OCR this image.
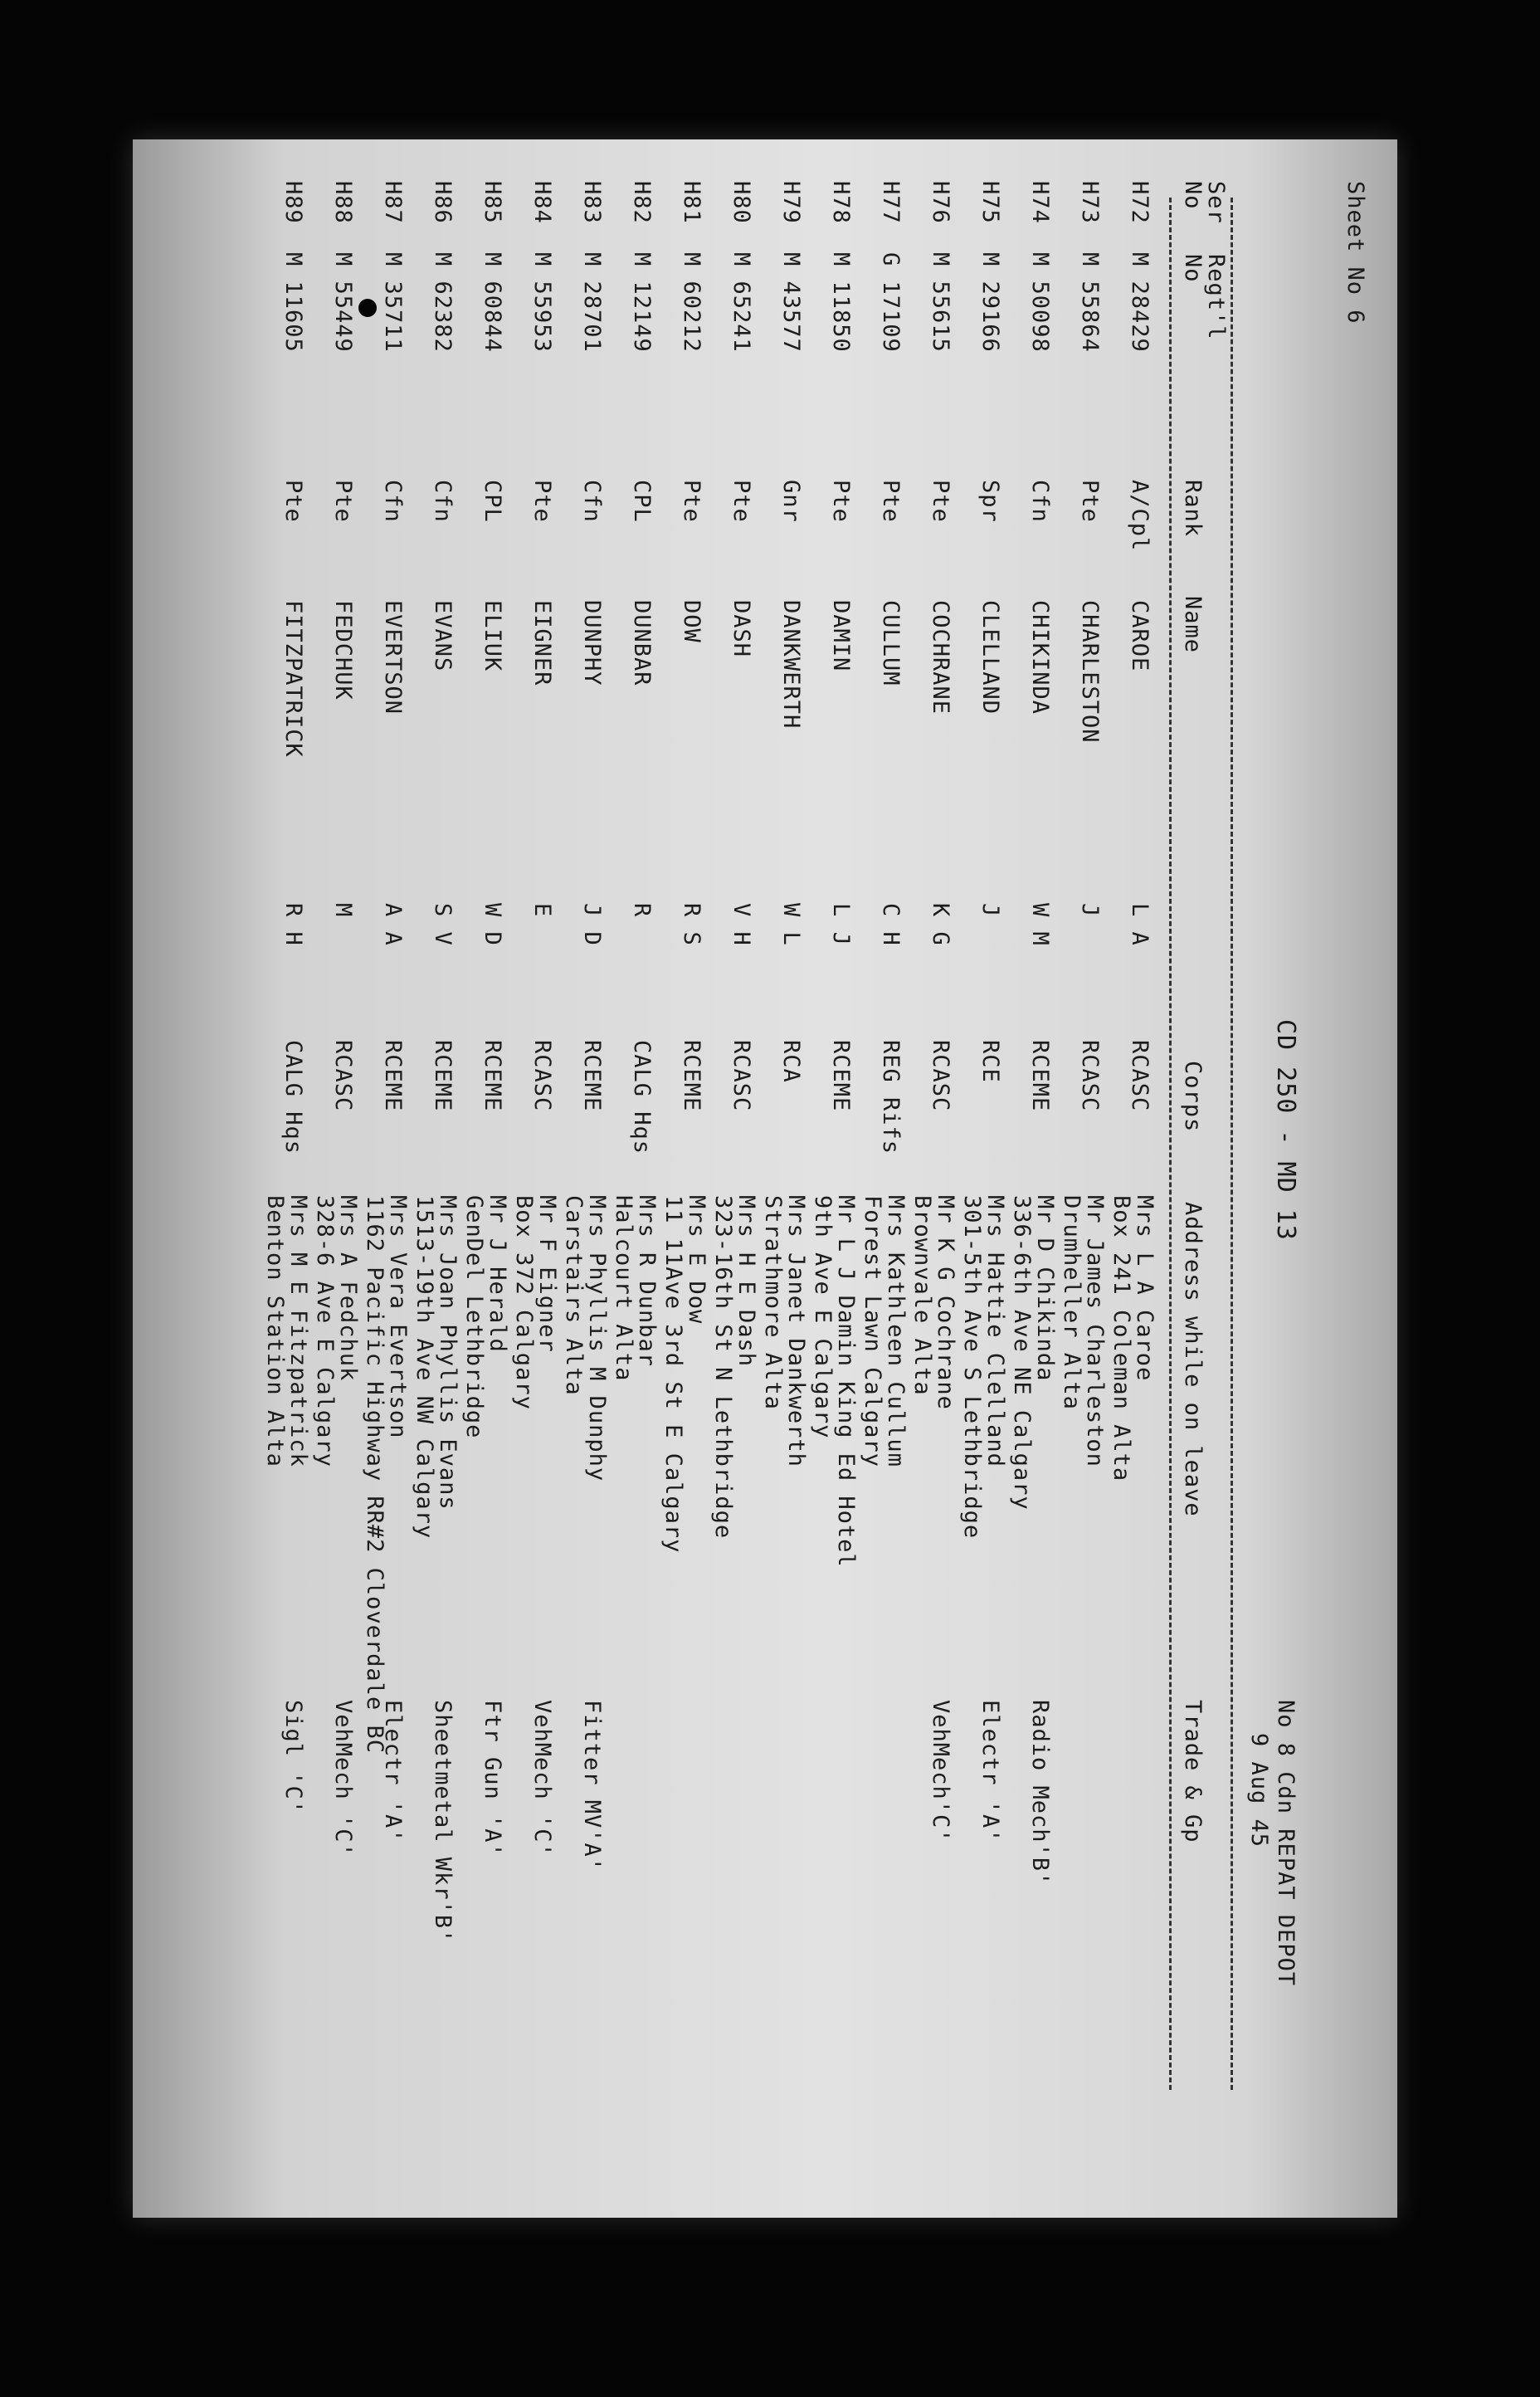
Sheet No 6
CD 250 - MD 13
No 8 Cdn REPAT DEPOT
9 Aug 45
Ser
No
Regt'l
No
Rank
Name
Corps
Address while on leave
Trade & Gp
H72
M 28429
A/Cpl
CAROE
L A
RCASC
Mrs L A Caroe
Box 241 Coleman Alta
H73
M 55864
Pte
CHARLESTON
J
RCASC
Mr James Charleston
Drumheller Alta
H74
M 50098
Cfn
CHIKINDA
W M
RCEME
Radio Mech'B'
Mr D Chikinda
336-6th Ave NE Calgary
H75
M 29166
Spr
CLELLAND
J
RCE
Electr 'A'
Mrs Hattie Clelland
301-5th Ave S Lethbridge
H76
M 55615
Pte
COCHRANE
K G
RCASC
VehMech'C'
Mr K G Cochrane
Brownvale Alta
H77
G 17109
Pte
CULLUM
C H
REG Rifs
Mrs Kathleen Cullum
Forest Lawn Calgary
H78
M 11850
Pte
DAMIN
L J
RCEME
Mr L J Damin King Ed Hotel
9th Ave E Calgary
H79
M 43577
Gnr
DANKWERTH
W L
RCA
Mrs Janet Dankwerth
Strathmore Alta
H80
M 65241
Pte
DASH
V H
RCASC
Mrs H E Dash
323-16th St N Lethbridge
H81
M 60212
Pte
DOW
R S
RCEME
Mrs E Dow
11 11Ave 3rd St E Calgary
H82
M 12149
CPL
DUNBAR
R
CALG Hqs
Mrs R Dunbar
Halcourt Alta
H83
M 28701
Cfn
DUNPHY
J D
RCEME
Fitter MV'A'
Mrs Phyllis M Dunphy
Carstairs Alta
H84
M 55953
Pte
EIGNER
E
RCASC
VehMech 'C'
Mr F Eigner
Box 372 Calgary
H85
M 60844
CPL
ELIUK
W D
RCEME
Ftr Gun 'A'
Mr J Herald
GenDel Lethbridge
H86
M 62382
Cfn
EVANS
S V
RCEME
Sheetmetal Wkr'B'
Mrs Joan Phyllis Evans
1513-19th Ave NW Calgary
H87
M 35711
Cfn
EVERTSON
A A
RCEME
Electr 'A'
Mrs Vera Evertson
1162 Pacific Highway RR#2 Cloverdale BC
H88
M 55449
Pte
FEDCHUK
M
RCASC
VehMech 'C'
Mrs A Fedchuk
328-6 Ave E Calgary
H89
M 11605
Pte
FITZPATRICK
R H
CALG Hqs
Sigl 'C'
Mrs M E Fitzpatrick
Benton Station Alta
